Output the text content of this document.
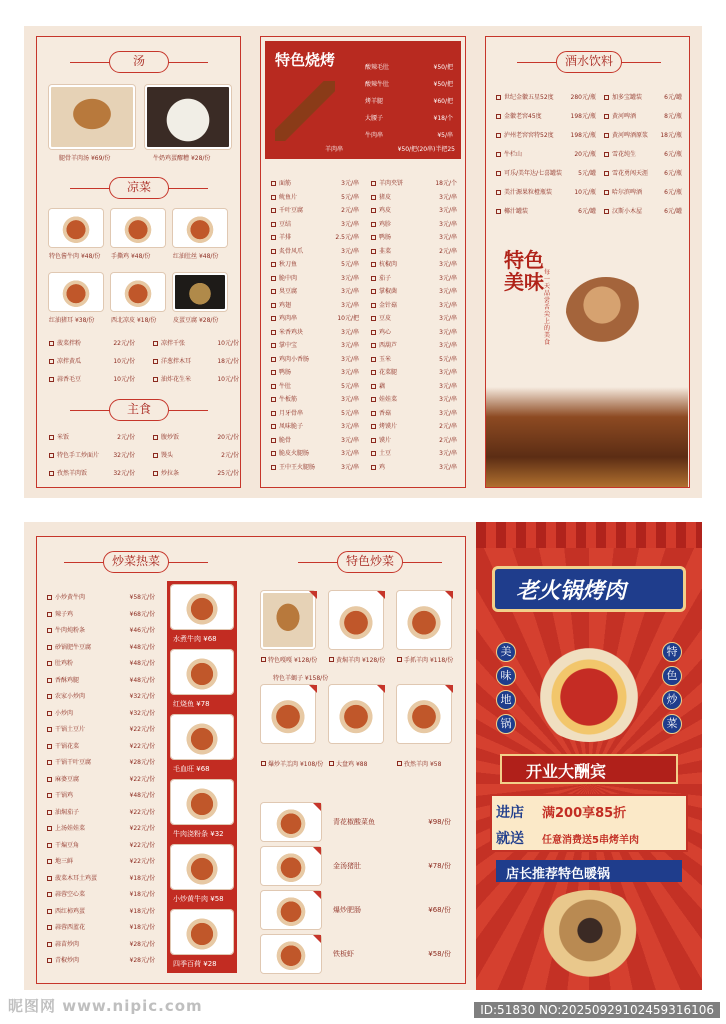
汤
腿骨羊肉汤 ¥69/份	牛奶鸡蛋醪糟 ¥28/份
凉菜
特色酱牛肉 ¥48/份 手撕鸡 ¥48/份	红油肚丝 ¥48/份
红油猪耳 ¥38/份	西北凉皮 ¥18/份	皮蛋豆腐 ¥28/份
菠菜拌粉	22元/份	凉拌千张	10元/份
凉拌黄瓜	10元/份	洋葱拌木耳	18元/份
蒜香毛豆	10元/份	油炸花生米	10元/份
主食
米饭	2元/份	腹炒饭	20元/份
特色手工炒面片 32元/份	馒头	2元/份
孜然羊肉饭	32元/份	炒拉条	25元/份
特色烧烤	酸辣毛肚	¥50/把
酸辣牛肚	¥50/把
烤羊腿	¥60/把
大腰子	¥18/个
牛肉串	¥5/串
羊肉串	¥50/把(20串)半把25
面筋	3元/串
鱿鱼片	5元/串
千叶豆腐	2元/串
豆结	3元/串
羊排	2.5元/串
炙骨风爪	3元/串
秋刀鱼	5元/串
脆中肉	3元/串
臭豆腐	3元/串
鸡翅	3元/串
鸡肉串	10元/把
米香鸡块	3元/串
掌中宝	3元/串
鸡肉小香肠	3元/串
鸭肠	3元/串
牛肚	5元/串
牛板筋	3元/串
月牙骨串	5元/串
凤味脆子	3元/串
脆骨	3元/串
脆皮火腿肠	3元/串
王中王火腿肠	3元/串
羊肉夹饼	18元/个
猪皮	3元/串
鸡皮	3元/串
鸡胗	3元/串
鸭肠	3元/串
韭菜	2元/串
杭椒肉	3元/串
茄子	3元/串
掌椒菌	3元/串
金针菇	3元/串
豆皮	3元/串
鸡心	3元/串
西葫芦	3元/串
玉米	5元/串
花菜腿	3元/串
藕	3元/串
娃娃菜	3元/串
香菇	3元/串
烤馍片	2元/串
馍片	2元/串
土豆	3元/串
鸡	3元/串
酒水饮料
世纪金徽五星52度	280元/瓶
金徽老窖45度	198元/瓶
泸州老窖窖特52度	198元/瓶
牛栏山	20元/瓶
可乐/美年达/七喜罐装	5元/罐
美汁源果粒橙瓶装	10元/瓶
椰汁罐装	6元/罐
加多宝罐装	6元/罐
黄河啤酒	8元/瓶
黄河啤酒原浆 18元/瓶
雪花纯生	6元/瓶
雪花勇闯天涯	6元/瓶
哈尔滨啤酒	6元/瓶
汉斯小木屋	6元/罐
特色美味 每一天品尝舌尖上的美食
炒菜热菜
小炒黄牛肉	¥58元/份
辣子鸡	¥68元/份
牛肉炖粉条	¥46元/份
砂锅肥牛豆腐	¥48元/份
肚鸡粉	¥48元/份
香酥鸡腿	¥48元/份
农家小炒肉	¥32元/份
小炒肉	¥32元/份
干锅土豆片	¥22元/份
干锅花菜	¥22元/份
干锅干叶豆腐	¥28元/份
麻婆豆腐	¥22元/份
干锅鸡	¥48元/份
油焖茄子	¥22元/份
上汤娃娃菜	¥22元/份
干煸豆角	¥22元/份
地三鲜	¥22元/份
菠菜木耳土鸡蛋	¥18元/份
蒜蓉空心菜	¥18元/份
西红柿鸡蛋	¥18元/份
蒜蓉西蓝花	¥18元/份
蒜苗炒肉	¥28元/份
青椒炒肉	¥28元/份
水煮牛肉 ¥68
红烧鱼 ¥78
毛血旺 ¥68
牛肉浇粉条 ¥32
小炒黄牛肉 ¥58
四季百荷 ¥28
特色炒菜
特色嘎嘎 ¥128/份	黄焖羊肉 ¥128/份	手抓羊肉 ¥118/份
爆炒羊羔肉 ¥108/份	大盘鸡 ¥88	孜然羊肉 ¥58
特色羊蝎子 ¥158/份
青花椒酸菜鱼	¥98/份
金汤猪肚	¥78/份
爆炒肥肠	¥68/份
铁板虾	¥58/份
老火锅烤肉
美
味
地
锅
特
色
炒
菜
开业大酬宾
进店 满200享85折
就送 任意消费送5串烤羊肉
店长推荐特色暖锅
昵图网 www.nipic.com	ID:51830 NO:20250929102459316106
